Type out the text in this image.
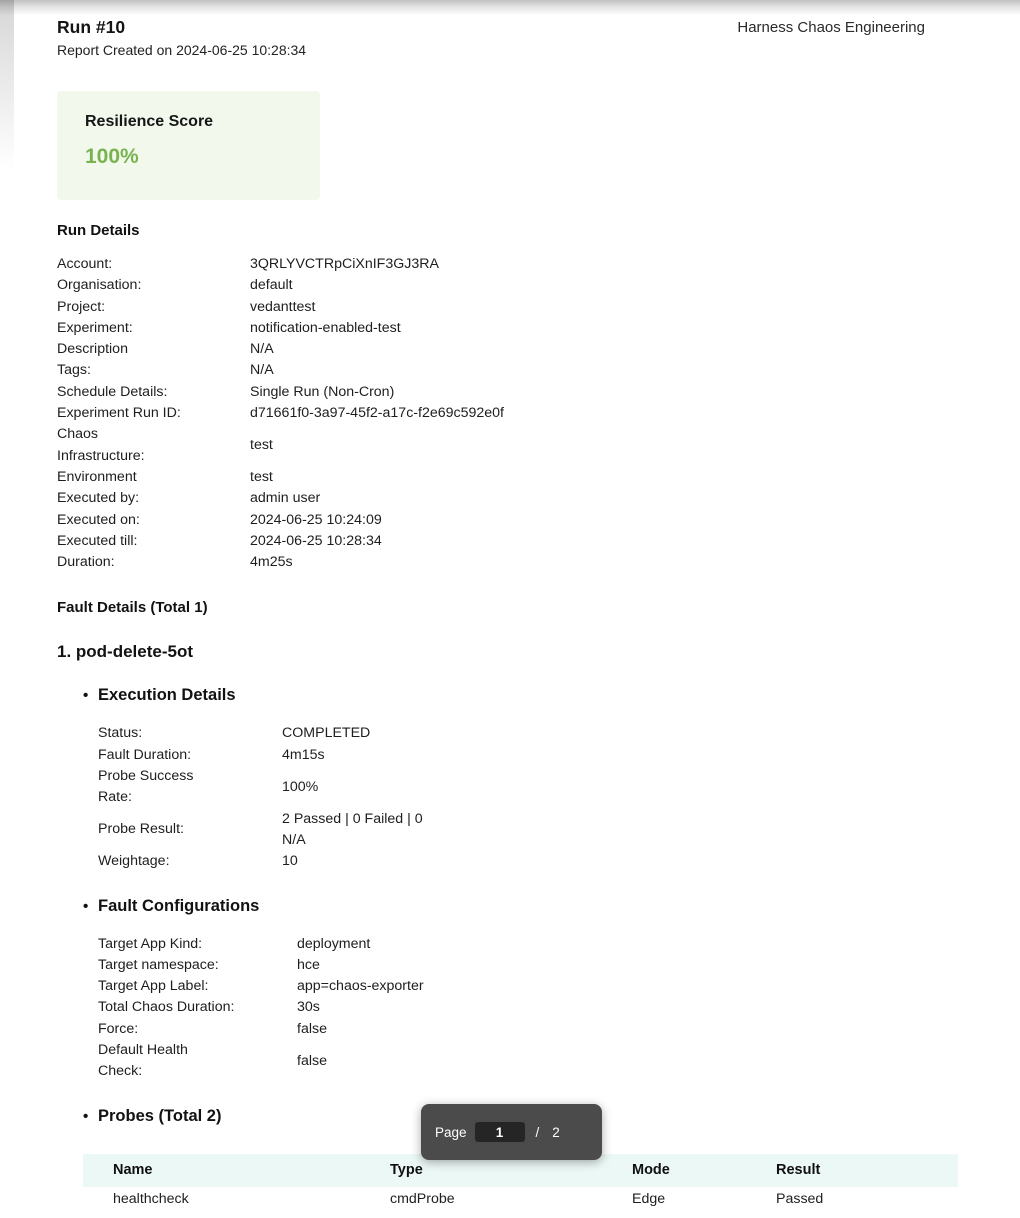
Run #10
Report Created on 2024-06-25 10:28:34
Harness Chaos Engineering
Resilience Score
100%
Run Details
Account:	3QRLYVCTRpCiXnIF3GJ3RA
Organisation:	default
Project:	vedanttest
Experiment:	notification-enabled-test
Description	N/A
Tags:	N/A
Schedule Details:	Single Run (Non-Cron)
Experiment Run ID:	d71661f0-3a97-45f2-a17c-f2e69c592e0f
Chaos
Infrastructure:
test
Environment	test
Executed by:	admin user
Executed on:	2024-06-25 10:24:09
Executed till:	2024-06-25 10:28:34
Duration:	4m25s
Fault Details (Total 1)
1. pod-delete-5ot
• Execution Details
Status:	COMPLETED
Fault Duration:	4m15s
Probe Success
Rate:
100%
Probe Result:
2 Passed | 0 Failed | 0
N/A
Weightage:	10
• Fault Configurations
Target App Kind:	deployment
Target namespace:	hce
Target App Label:	app=chaos-exporter
Total Chaos Duration:	30s
Force:	false
Default Health
Check:
false
• Probes (Total 2)
Name	Type	Mode	Result
healthcheck	cmdProbe	Edge	Passed
Page
1	/ 2
